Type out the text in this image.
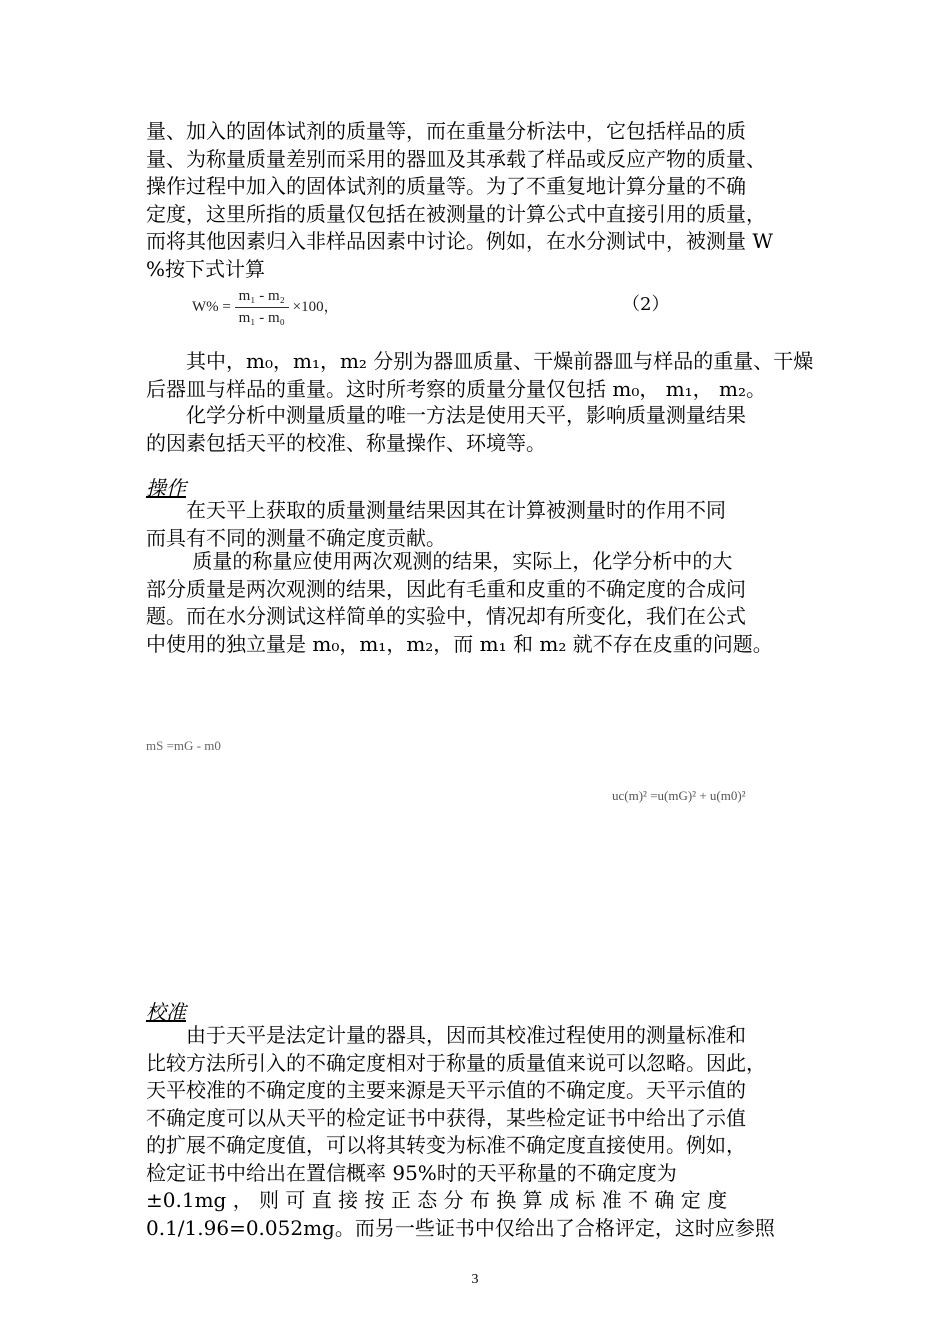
量、加入的固体试剂的质量等，而在重量分析法中，它包括样品的质
量、为称量质量差别而采用的器皿及其承载了样品或反应产物的质量、
操作过程中加入的固体试剂的质量等。为了不重复地计算分量的不确
定度，这里所指的质量仅包括在被测量的计算公式中直接引用的质量，
而将其他因素归入非样品因素中讨论。例如，在水分测试中，被测量 W
%按下式计算
$W\% = \frac{\text{m₁ - m₂}}{\text{m₁ - m₀}} \times 100$，	（2）
　　其中，m₀，m₁，m₂ 分别为器皿质量、干燥前器皿与样品的重量、干燥
后器皿与样品的重量。这时所考察的质量分量仅包括 m₀， m₁， m₂。
　　化学分析中测量质量的唯一方法是使用天平，影响质量测量结果
的因素包括天平的校准、称量操作、环境等。
操作
　　在天平上获取的质量测量结果因其在计算被测量时的作用不同
而具有不同的测量不确定度贡献。
　　 质量的称量应使用两次观测的结果，实际上，化学分析中的大
部分质量是两次观测的结果，因此有毛重和皮重的不确定度的合成问
题。而在水分测试这样简单的实验中，情况却有所变化，我们在公式
中使用的独立量是 m₀，m₁，m₂，而 m₁ 和 m₂ 就不存在皮重的问题。
mS =mG - m0
uc(m)² =u(mG)² + u(m0)²
校准
　　由于天平是法定计量的器具，因而其校准过程使用的测量标准和
比较方法所引入的不确定度相对于称量的质量值来说可以忽略。因此，
天平校准的不确定度的主要来源是天平示值的不确定度。天平示值的
不确定度可以从天平的检定证书中获得，某些检定证书中给出了示值
的扩展不确定度值，可以将其转变为标准不确定度直接使用。例如，
检定证书中给出在置信概率 95%时的天平称量的不确定度为
±0.1mg ， 则 可 直 接 按 正 态 分 布 换 算 成 标 准 不 确 定 度
0.1/1.96=0.052mg。而另一些证书中仅给出了合格评定，这时应参照
3
